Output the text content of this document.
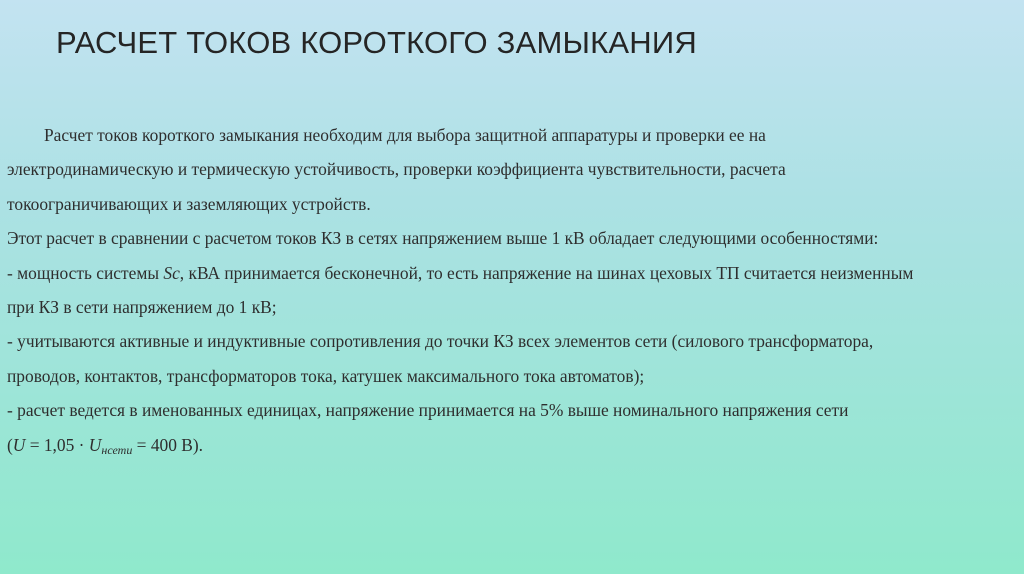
РАСЧЕТ ТОКОВ КОРОТКОГО ЗАМЫКАНИЯ
Расчет токов короткого замыкания необходим для выбора защитной аппаратуры и проверки ее на
электродинамическую и термическую устойчивость, проверки коэффициента чувствительности, расчета
токоограничивающих и заземляющих устройств.
Этот расчет в сравнении с расчетом токов КЗ в сетях напряжением выше 1 кВ обладает следующими особенностями:
- мощность системы Sc, кВА принимается бесконечной, то есть напряжение на шинах цеховых ТП считается неизменным
при КЗ в сети напряжением до 1 кВ;
- учитываются активные и индуктивные сопротивления до точки КЗ всех элементов сети (силового трансформатора,
проводов, контактов, трансформаторов тока, катушек максимального тока автоматов);
- расчет ведется в именованных единицах, напряжение принимается на 5% выше номинального напряжения сети
($U = 1,05 \cdot U_{нсети} = 400$ В).
